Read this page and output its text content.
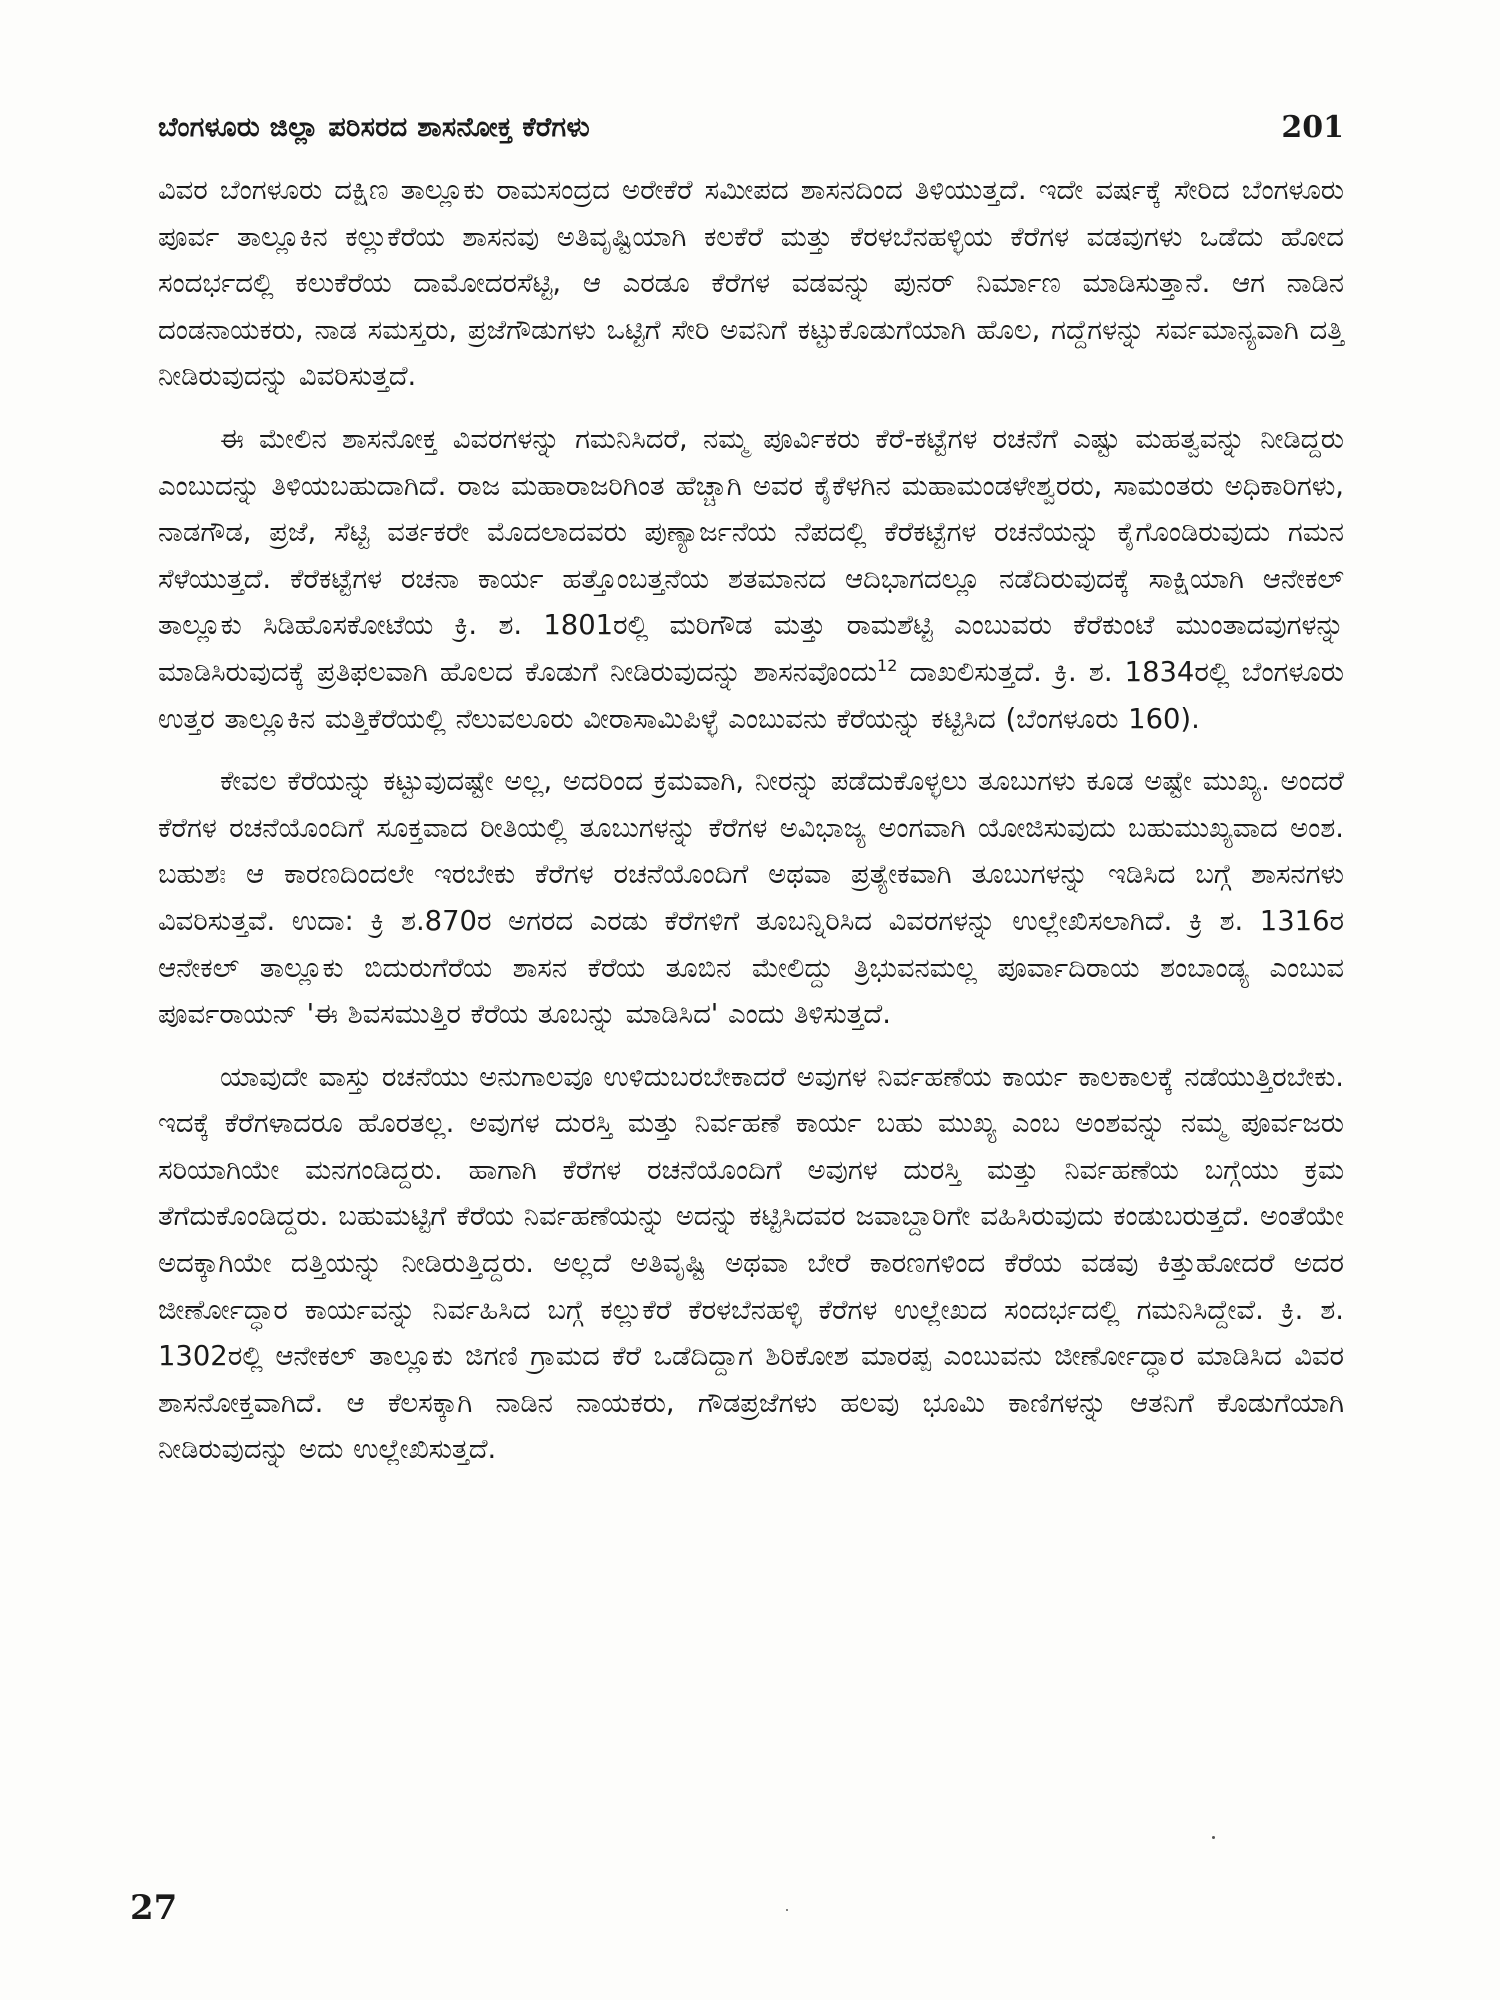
ಬೆಂಗಳೂರು ಜಿಲ್ಲಾ ಪರಿಸರದ ಶಾಸನೋಕ್ತ ಕೆರೆಗಳು	201

ವಿವರ ಬೆಂಗಳೂರು ದಕ್ಷಿಣ ತಾಲ್ಲೂಕು ರಾಮಸಂದ್ರದ ಅರೇಕೆರೆ ಸಮೀಪದ ಶಾಸನದಿಂದ ತಿಳಿಯುತ್ತದೆ. ಇದೇ ವರ್ಷಕ್ಕೆ ಸೇರಿದ ಬೆಂಗಳೂರು ಪೂರ್ವ ತಾಲ್ಲೂಕಿನ ಕಲ್ಲುಕೆರೆಯ ಶಾಸನವು ಅತಿವೃಷ್ಟಿಯಾಗಿ ಕಲಕೆರೆ ಮತ್ತು ಕೆರಳಬೆನಹಳ್ಳಿಯ ಕೆರೆಗಳ ವಡವುಗಳು ಒಡೆದು ಹೋದ ಸಂದರ್ಭದಲ್ಲಿ ಕಲುಕೆರೆಯ ದಾಮೋದರಸೆಟ್ಟಿ, ಆ ಎರಡೂ ಕೆರೆಗಳ ವಡವನ್ನು ಪುನರ್ ನಿರ್ಮಾಣ ಮಾಡಿಸುತ್ತಾನೆ. ಆಗ ನಾಡಿನ ದಂಡನಾಯಕರು, ನಾಡ ಸಮಸ್ತರು, ಪ್ರಜೆಗೌಡುಗಳು ಒಟ್ಟಿಗೆ ಸೇರಿ ಅವನಿಗೆ ಕಟ್ಟುಕೊಡುಗೆಯಾಗಿ ಹೊಲ, ಗದ್ದೆಗಳನ್ನು ಸರ್ವಮಾನ್ಯವಾಗಿ ದತ್ತಿ ನೀಡಿರುವುದನ್ನು ವಿವರಿಸುತ್ತದೆ.

ಈ ಮೇಲಿನ ಶಾಸನೋಕ್ತ ವಿವರಗಳನ್ನು ಗಮನಿಸಿದರೆ, ನಮ್ಮ ಪೂರ್ವಿಕರು ಕೆರೆ-ಕಟ್ಟೆಗಳ ರಚನೆಗೆ ಎಷ್ಟು ಮಹತ್ವವನ್ನು ನೀಡಿದ್ದರು ಎಂಬುದನ್ನು ತಿಳಿಯಬಹುದಾಗಿದೆ. ರಾಜ ಮಹಾರಾಜರಿಗಿಂತ ಹೆಚ್ಚಾಗಿ ಅವರ ಕೈಕೆಳಗಿನ ಮಹಾಮಂಡಳೇಶ್ವರರು, ಸಾಮಂತರು ಅಧಿಕಾರಿಗಳು, ನಾಡಗೌಡ, ಪ್ರಜೆ, ಸೆಟ್ಟಿ ವರ್ತಕರೇ ಮೊದಲಾದವರು ಪುಣ್ಯಾರ್ಜನೆಯ ನೆಪದಲ್ಲಿ ಕೆರೆಕಟ್ಟೆಗಳ ರಚನೆಯನ್ನು ಕೈಗೊಂಡಿರುವುದು ಗಮನ ಸೆಳೆಯುತ್ತದೆ. ಕೆರೆಕಟ್ಟೆಗಳ ರಚನಾ ಕಾರ್ಯ ಹತ್ತೊಂಬತ್ತನೆಯ ಶತಮಾನದ ಆದಿಭಾಗದಲ್ಲೂ ನಡೆದಿರುವುದಕ್ಕೆ ಸಾಕ್ಷಿಯಾಗಿ ಆನೇಕಲ್ ತಾಲ್ಲೂಕು ಸಿಡಿಹೊಸಕೋಟೆಯ ಕ್ರಿ. ಶ. 1801ರಲ್ಲಿ ಮರಿಗೌಡ ಮತ್ತು ರಾಮಶೆಟ್ಟಿ ಎಂಬುವರು ಕೆರೆಕುಂಟೆ ಮುಂತಾದವುಗಳನ್ನು ಮಾಡಿಸಿರುವುದಕ್ಕೆ ಪ್ರತಿಫಲವಾಗಿ ಹೊಲದ ಕೊಡುಗೆ ನೀಡಿರುವುದನ್ನು ಶಾಸನವೊಂದು$^{12}$ ದಾಖಲಿಸುತ್ತದೆ. ಕ್ರಿ. ಶ. 1834ರಲ್ಲಿ ಬೆಂಗಳೂರು ಉತ್ತರ ತಾಲ್ಲೂಕಿನ ಮತ್ತಿಕೆರೆಯಲ್ಲಿ ನೆಲುವಲೂರು ವೀರಾಸಾಮಿಪಿಳ್ಳೆ ಎಂಬುವನು ಕೆರೆಯನ್ನು ಕಟ್ಟಿಸಿದ (ಬೆಂಗಳೂರು 160).

ಕೇವಲ ಕೆರೆಯನ್ನು ಕಟ್ಟುವುದಷ್ಟೇ ಅಲ್ಲ, ಅದರಿಂದ ಕ್ರಮವಾಗಿ, ನೀರನ್ನು ಪಡೆದುಕೊಳ್ಳಲು ತೂಬುಗಳು ಕೂಡ ಅಷ್ಟೇ ಮುಖ್ಯ. ಅಂದರೆ ಕೆರೆಗಳ ರಚನೆಯೊಂದಿಗೆ ಸೂಕ್ತವಾದ ರೀತಿಯಲ್ಲಿ ತೂಬುಗಳನ್ನು ಕೆರೆಗಳ ಅವಿಭಾಜ್ಯ ಅಂಗವಾಗಿ ಯೋಜಿಸುವುದು ಬಹುಮುಖ್ಯವಾದ ಅಂಶ. ಬಹುಶಃ ಆ ಕಾರಣದಿಂದಲೇ ಇರಬೇಕು ಕೆರೆಗಳ ರಚನೆಯೊಂದಿಗೆ ಅಥವಾ ಪ್ರತ್ಯೇಕವಾಗಿ ತೂಬುಗಳನ್ನು ಇಡಿಸಿದ ಬಗ್ಗೆ ಶಾಸನಗಳು ವಿವರಿಸುತ್ತವೆ. ಉದಾ: ಕ್ರಿ ಶ.870ರ ಅಗರದ ಎರಡು ಕೆರೆಗಳಿಗೆ ತೂಬನ್ನಿರಿಸಿದ ವಿವರಗಳನ್ನು ಉಲ್ಲೇಖಿಸಲಾಗಿದೆ. ಕ್ರಿ ಶ. 1316ರ ಆನೇಕಲ್ ತಾಲ್ಲೂಕು ಬಿದುರುಗೆರೆಯ ಶಾಸನ ಕೆರೆಯ ತೂಬಿನ ಮೇಲಿದ್ದು ತ್ರಿಭುವನಮಲ್ಲ ಪೂರ್ವಾದಿರಾಯ ಶಂಬಾಂಡ್ಯ ಎಂಬುವ ಪೂರ್ವರಾಯನ್ 'ಈ ಶಿವಸಮುತ್ತಿರ ಕೆರೆಯ ತೂಬನ್ನು ಮಾಡಿಸಿದ' ಎಂದು ತಿಳಿಸುತ್ತದೆ.

ಯಾವುದೇ ವಾಸ್ತು ರಚನೆಯು ಅನುಗಾಲವೂ ಉಳಿದುಬರಬೇಕಾದರೆ ಅವುಗಳ ನಿರ್ವಹಣೆಯ ಕಾರ್ಯ ಕಾಲಕಾಲಕ್ಕೆ ನಡೆಯುತ್ತಿರಬೇಕು. ಇದಕ್ಕೆ ಕೆರೆಗಳಾದರೂ ಹೊರತಲ್ಲ. ಅವುಗಳ ದುರಸ್ತಿ ಮತ್ತು ನಿರ್ವಹಣೆ ಕಾರ್ಯ ಬಹು ಮುಖ್ಯ ಎಂಬ ಅಂಶವನ್ನು ನಮ್ಮ ಪೂರ್ವಜರು ಸರಿಯಾಗಿಯೇ ಮನಗಂಡಿದ್ದರು. ಹಾಗಾಗಿ ಕೆರೆಗಳ ರಚನೆಯೊಂದಿಗೆ ಅವುಗಳ ದುರಸ್ತಿ ಮತ್ತು ನಿರ್ವಹಣೆಯ ಬಗ್ಗೆಯು ಕ್ರಮ ತೆಗೆದುಕೊಂಡಿದ್ದರು. ಬಹುಮಟ್ಟಿಗೆ ಕೆರೆಯ ನಿರ್ವಹಣೆಯನ್ನು ಅದನ್ನು ಕಟ್ಟಿಸಿದವರ ಜವಾಬ್ದಾರಿಗೇ ವಹಿಸಿರುವುದು ಕಂಡುಬರುತ್ತದೆ. ಅಂತೆಯೇ ಅದಕ್ಕಾಗಿಯೇ ದತ್ತಿಯನ್ನು ನೀಡಿರುತ್ತಿದ್ದರು. ಅಲ್ಲದೆ ಅತಿವೃಷ್ಟಿ ಅಥವಾ ಬೇರೆ ಕಾರಣಗಳಿಂದ ಕೆರೆಯ ವಡವು ಕಿತ್ತುಹೋದರೆ ಅದರ ಜೀರ್ಣೋದ್ಧಾರ ಕಾರ್ಯವನ್ನು ನಿರ್ವಹಿಸಿದ ಬಗ್ಗೆ ಕಲ್ಲುಕೆರೆ ಕೆರಳಬೆನಹಳ್ಳಿ ಕೆರೆಗಳ ಉಲ್ಲೇಖದ ಸಂದರ್ಭದಲ್ಲಿ ಗಮನಿಸಿದ್ದೇವೆ. ಕ್ರಿ. ಶ. 1302ರಲ್ಲಿ ಆನೇಕಲ್ ತಾಲ್ಲೂಕು ಜಿಗಣಿ ಗ್ರಾಮದ ಕೆರೆ ಒಡೆದಿದ್ದಾಗ ಶಿರಿಕೋಶ ಮಾರಪ್ಪ ಎಂಬುವನು ಜೀರ್ಣೋದ್ಧಾರ ಮಾಡಿಸಿದ ವಿವರ ಶಾಸನೋಕ್ತವಾಗಿದೆ. ಆ ಕೆಲಸಕ್ಕಾಗಿ ನಾಡಿನ ನಾಯಕರು, ಗೌಡಪ್ರಜೆಗಳು ಹಲವು ಭೂಮಿ ಕಾಣಿಗಳನ್ನು ಆತನಿಗೆ ಕೊಡುಗೆಯಾಗಿ ನೀಡಿರುವುದನ್ನು ಅದು ಉಲ್ಲೇಖಿಸುತ್ತದೆ.

27
